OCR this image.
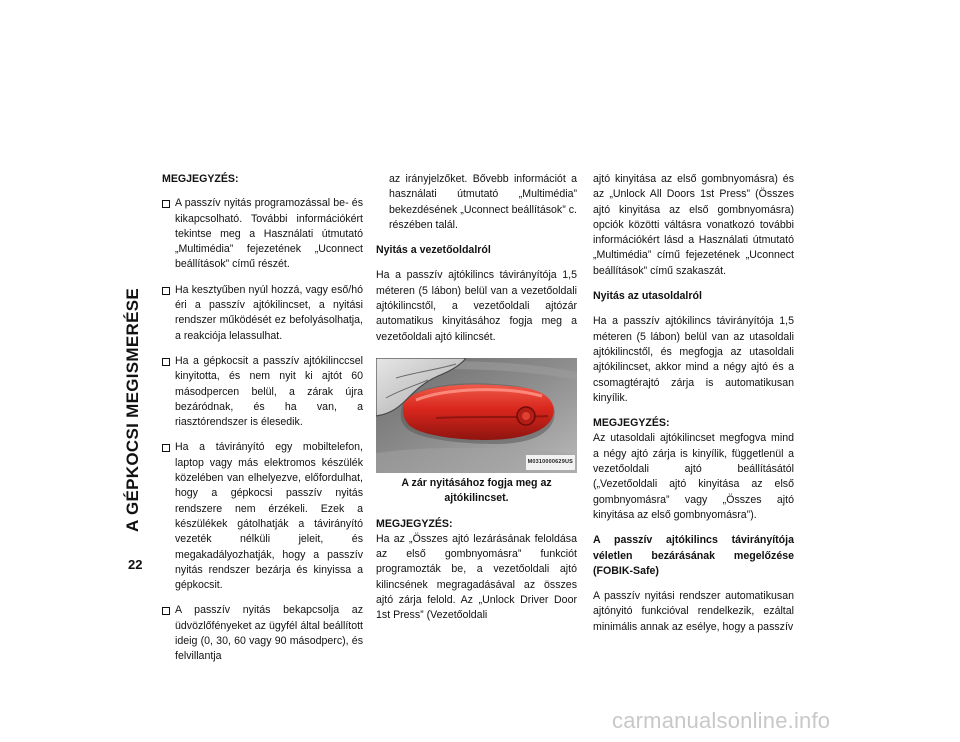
A GÉPKOCSI MEGISMERÉSE
22

MEGJEGYZÉS:

A passzív nyitás programozással be- és kikapcsolható. További információkért tekintse meg a Használati útmutató „Multimédia” fejezetének „Uconnect beállítások” című részét.

Ha kesztyűben nyúl hozzá, vagy eső/hó éri a passzív ajtókilincset, a nyitási rendszer működését ez befolyásolhatja, a reakciója lelassulhat.

Ha a gépkocsit a passzív ajtókilinccsel kinyitotta, és nem nyit ki ajtót 60 másodpercen belül, a zárak újra bezáródnak, és ha van, a riasztórendszer is élesedik.

Ha a távirányító egy mobiltelefon, laptop vagy más elektromos készülék közelében van elhelyezve, előfordulhat, hogy a gépkocsi passzív nyitás rendszere nem érzékeli. Ezek a készülékek gátolhatják a távirányító vezeték nélküli jeleit, és megakadályozhatják, hogy a passzív nyitás rendszer bezárja és kinyissa a gépkocsit.

A passzív nyitás bekapcsolja az üdvözlőfényeket az ügyfél által beállított ideig (0, 30, 60 vagy 90 másodperc), és felvillantja

az irányjelzőket. Bővebb információt a használati útmutató „Multimédia” bekezdésének „Uconnect beállítások” c. részében talál.

Nyitás a vezetőoldalról

Ha a passzív ajtókilincs távirányítója 1,5 méteren (5 lábon) belül van a vezetőoldali ajtókilincstől, a vezetőoldali ajtózár automatikus kinyitásához fogja meg a vezetőoldali ajtó kilincsét.

M0310000629US

A zár nyitásához fogja meg az ajtókilincset.

MEGJEGYZÉS:

Ha az „Összes ajtó lezárásának feloldása az első gombnyomásra” funkciót programozták be, a vezetőoldali ajtó kilincsének megragadásával az összes ajtó zárja felold. Az „Unlock Driver Door 1st Press” (Vezetőoldali

ajtó kinyitása az első gombnyomásra) és az „Unlock All Doors 1st Press” (Összes ajtó kinyitása az első gombnyomásra) opciók közötti váltásra vonatkozó további információkért lásd a Használati útmutató „Multimédia” című fejezetének „Uconnect beállítások” című szakaszát.

Nyitás az utasoldalról

Ha a passzív ajtókilincs távirányítója 1,5 méteren (5 lábon) belül van az utasoldali ajtókilincstől, és megfogja az utasoldali ajtókilincset, akkor mind a négy ajtó és a csomagtérajtó zárja is automatikusan kinyílik.

MEGJEGYZÉS:

Az utasoldali ajtókilincset megfogva mind a négy ajtó zárja is kinyílik, függetlenül a vezetőoldali ajtó beállításától („Vezetőoldali ajtó kinyitása az első gombnyomásra” vagy „Összes ajtó kinyitása az első gombnyomásra”).

A passzív ajtókilincs távirányítója véletlen bezárásának megelőzése (FOBIK-Safe)

A passzív nyitási rendszer automatikusan ajtónyitó funkcióval rendelkezik, ezáltal minimális annak az esélye, hogy a passzív

carmanualsonline.info
